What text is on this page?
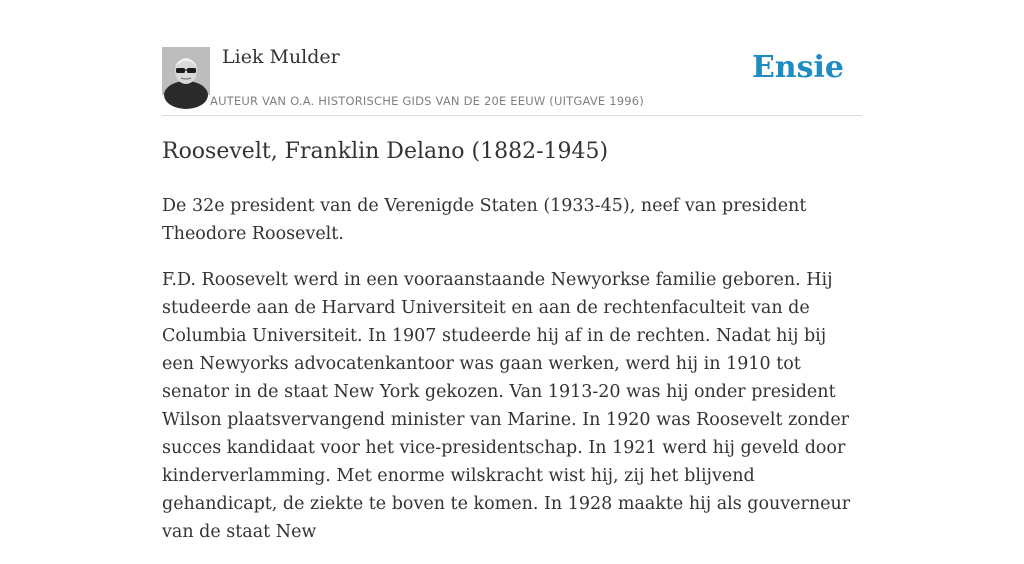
Liek Mulder
AUTEUR VAN O.A. HISTORISCHE GIDS VAN DE 20E EEUW (UITGAVE 1996)
Ensie
Roosevelt, Franklin Delano (1882-1945)

De 32e president van de Verenigde Staten (1933-45), neef van president Theodore Roosevelt.

F.D. Roosevelt werd in een vooraanstaande Newyorkse familie geboren. Hij studeerde aan de Harvard Universiteit en aan de rechtenfaculteit van de Columbia Universiteit. In 1907 studeerde hij af in de rechten. Nadat hij bij een Newyorks advocatenkantoor was gaan werken, werd hij in 1910 tot senator in de staat New York gekozen. Van 1913-20 was hij onder president Wilson plaatsvervangend minister van Marine. In 1920 was Roosevelt zonder succes kandidaat voor het vice-presidentschap. In 1921 werd hij geveld door kinderverlamming. Met enorme wilskracht wist hij, zij het blijvend gehandicapt, de ziekte te boven te komen. In 1928 maakte hij als gouverneur van de staat New
